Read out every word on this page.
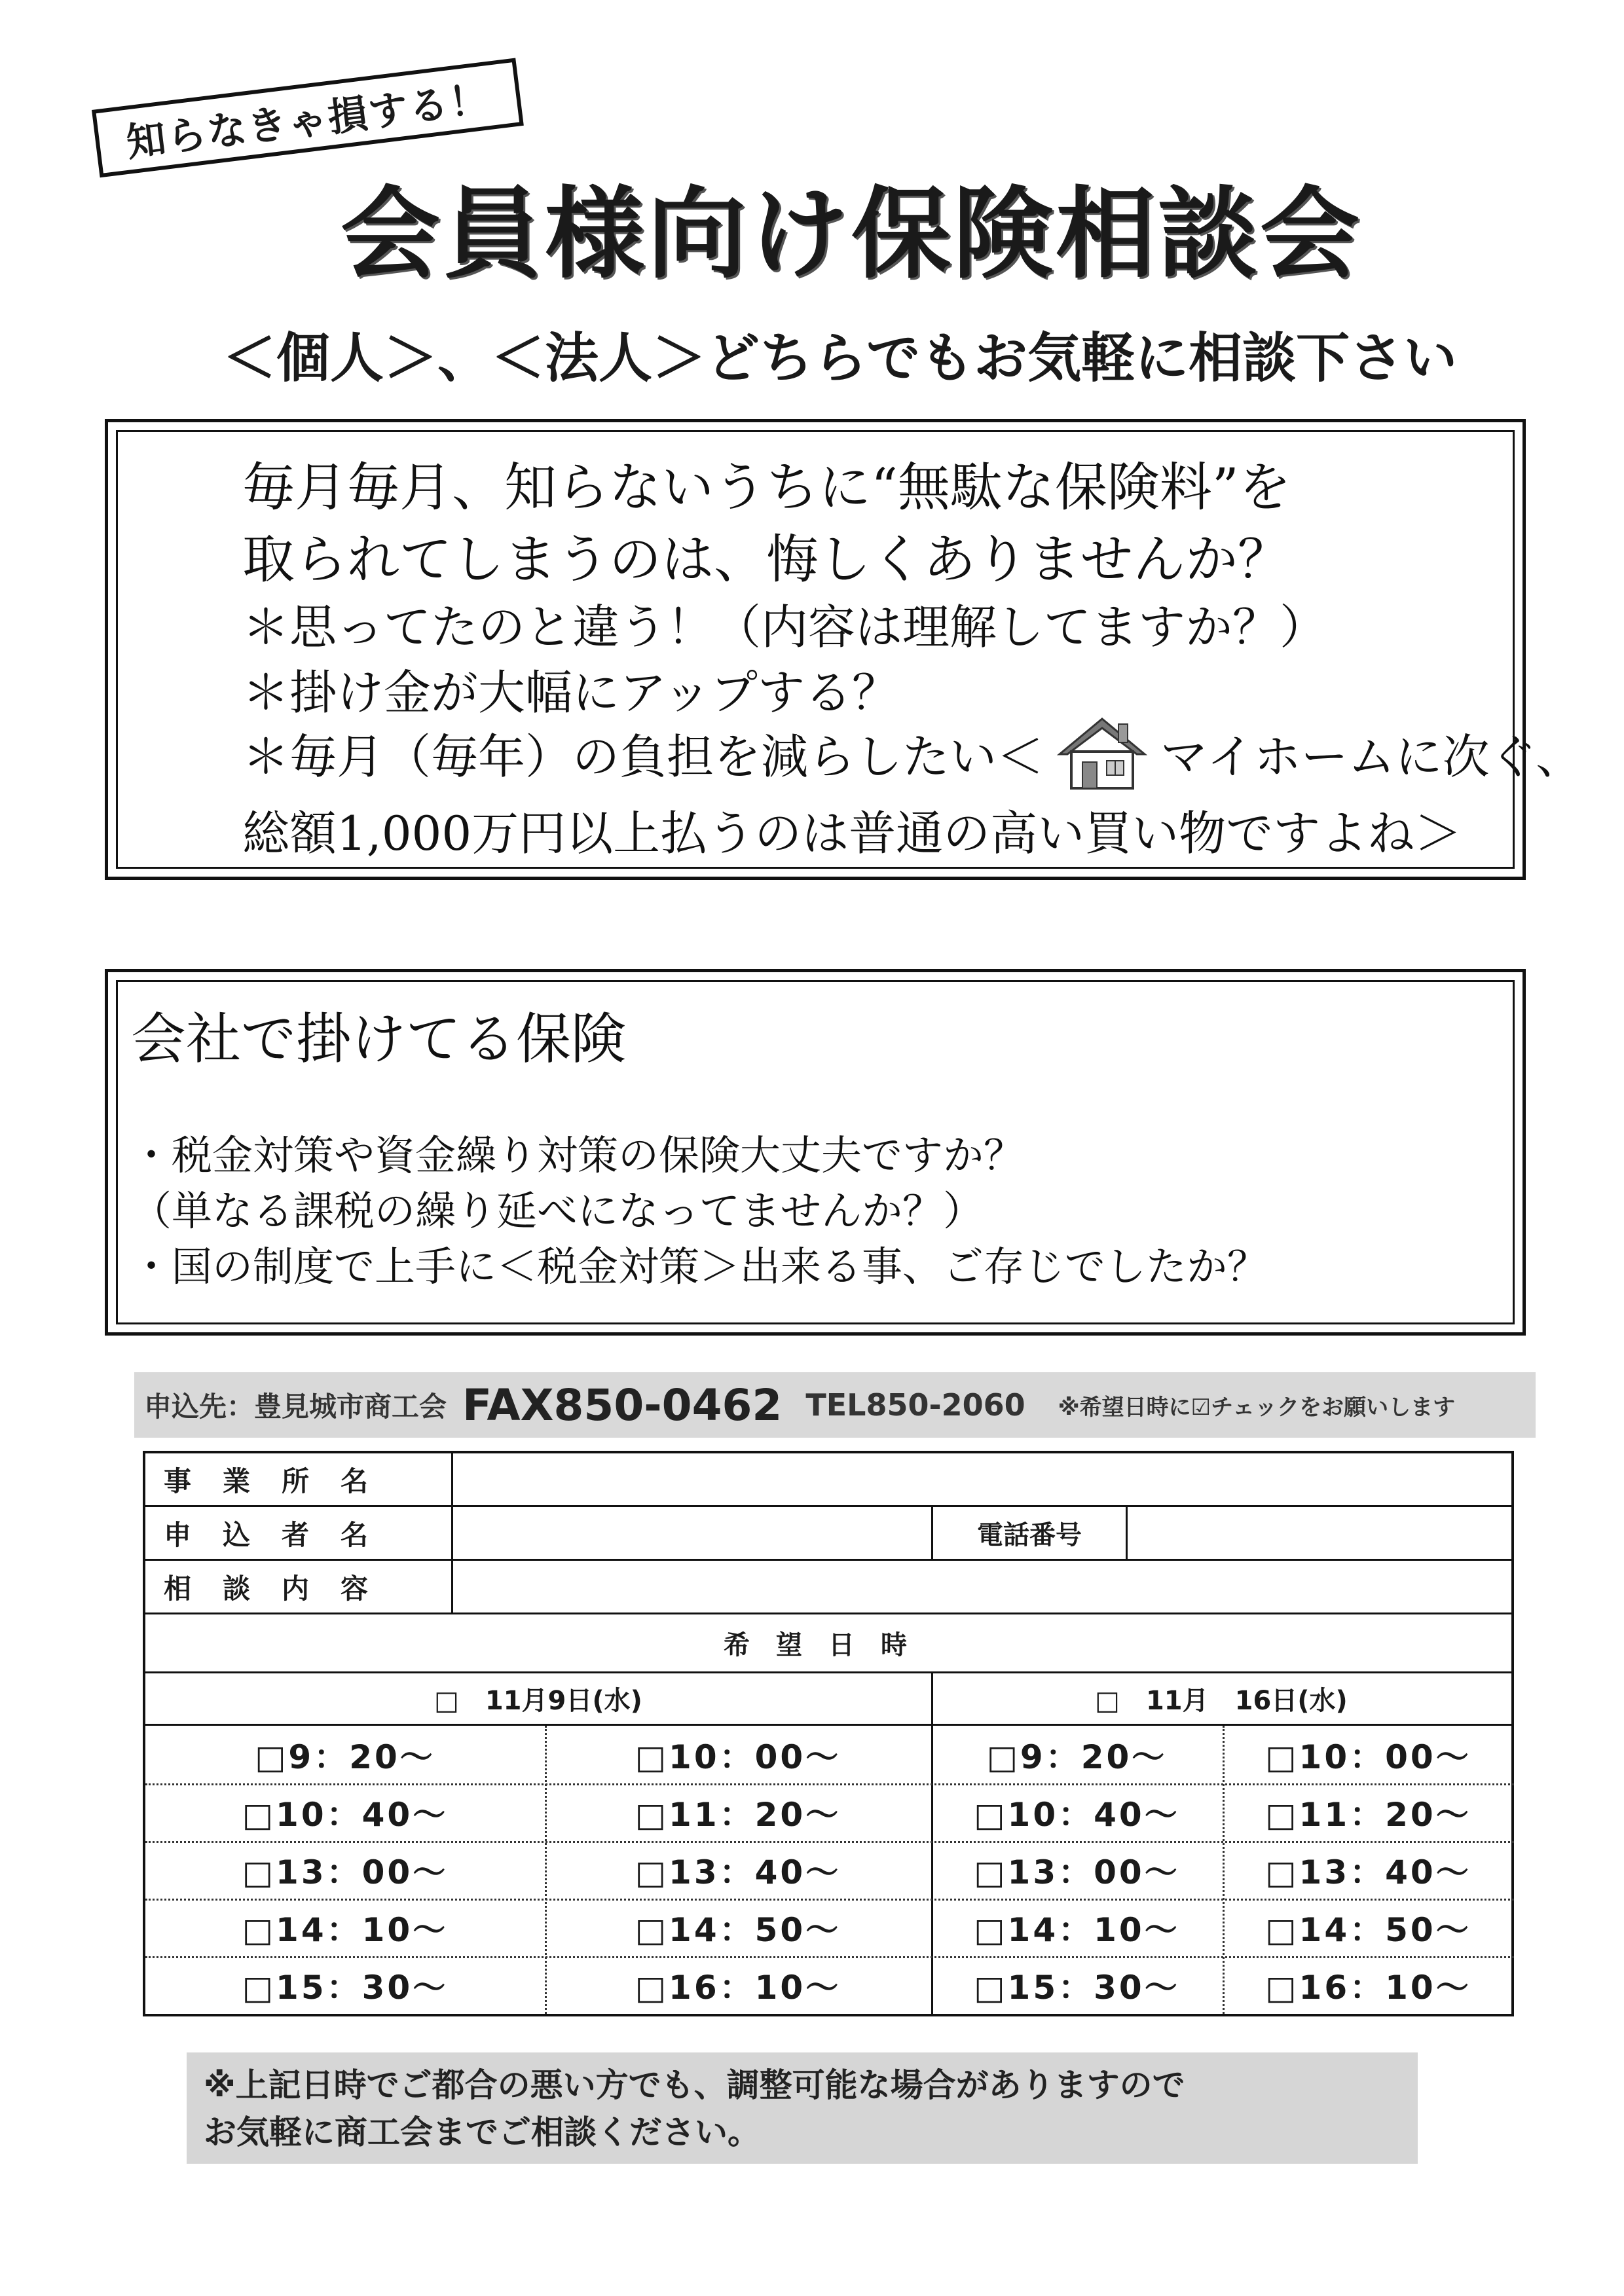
知らなきゃ損する！
会員様向け保険相談会
＜個人＞、＜法人＞どちらでもお気軽に相談下さい
毎月毎月、知らないうちに“無駄な保険料”を
取られてしまうのは、悔しくありませんか？
＊思ってたのと違う！（内容は理解してますか？）
＊掛け金が大幅にアップする？
＊毎月（毎年）の負担を減らしたい＜ マイホームに次ぐ、
総額1,000万円以上払うのは普通の高い買い物ですよね＞
会社で掛けてる保険
・税金対策や資金繰り対策の保険大丈夫ですか？
（単なる課税の繰り延べになってませんか？）
・国の制度で上手に＜税金対策＞出来る事、ご存じでしたか？
申込先：豊見城市商工会 FAX850-0462 TEL850-2060 ※希望日時に☑チェックをお願いします
事業所名
申込者名	電話番号
相談内容
希望日時
□　11月9日(水)	□　11月　16日(水)
□9：20～	□10：00～	□9：20～	□10：00～
□10：40～	□11：20～	□10：40～	□11：20～
□13：00～	□13：40～	□13：00～	□13：40～
□14：10～	□14：50～	□14：10～	□14：50～
□15：30～	□16：10～	□15：30～	□16：10～
※上記日時でご都合の悪い方でも、調整可能な場合がありますので
お気軽に商工会までご相談ください。
